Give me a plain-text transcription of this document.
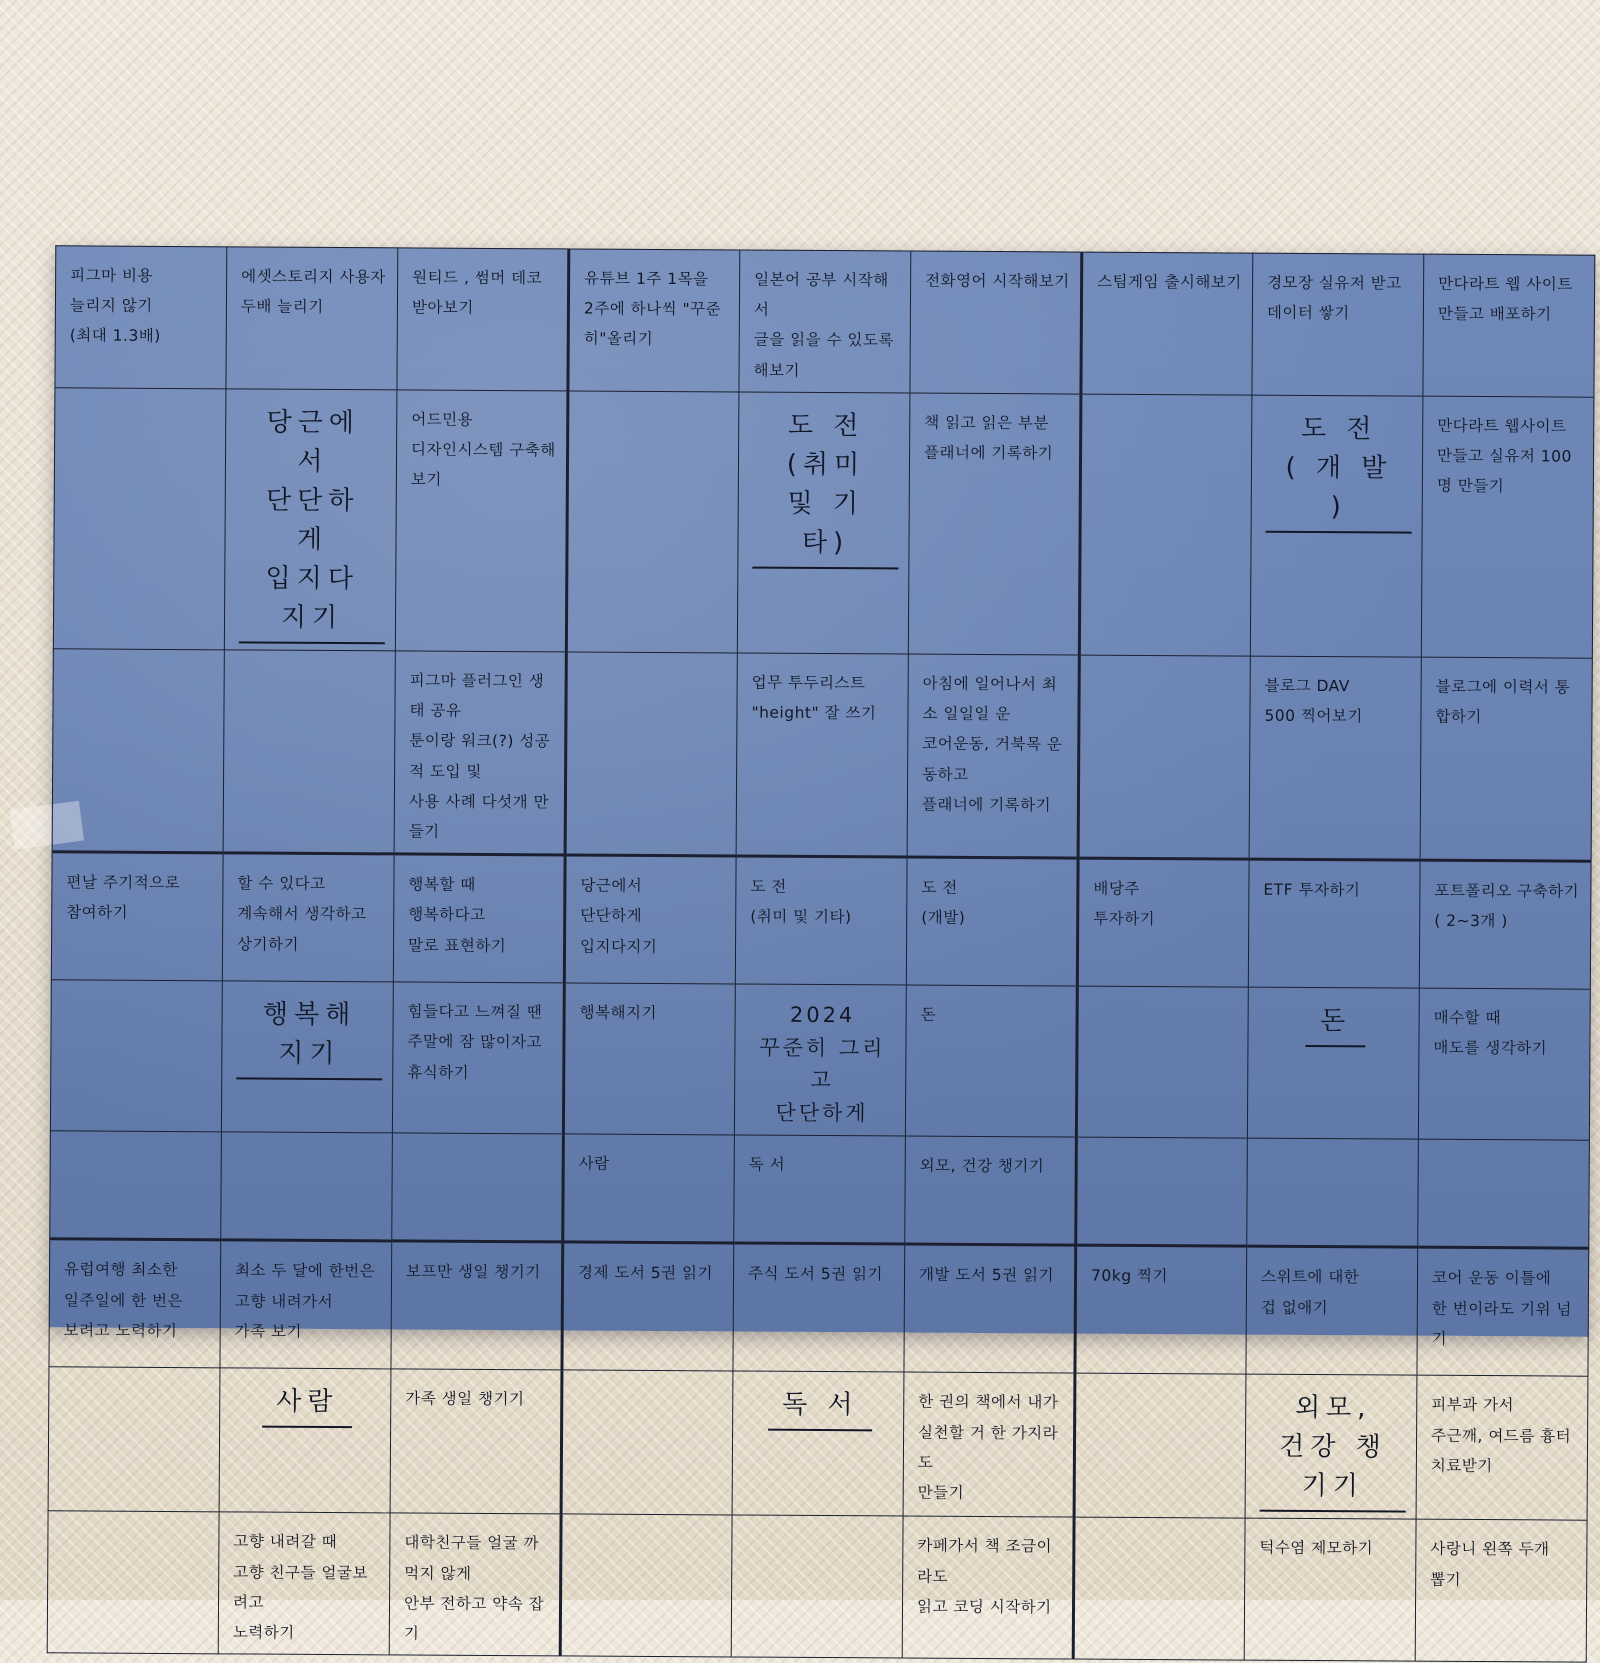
피그마 비용
늘리지 않기
(최대 1.3배)	에셋스토리지 사용자
두배 늘리기	원티드 , 썸머 데코
받아보기	유튜브 1주 1목을
2주에 하나씩 "꾸준히"올리기	일본어 공부 시작해서
글을 읽을 수 있도록 해보기	전화영어 시작해보기	스팀게임 출시해보기	경모장 실유저 받고
데이터 쌓기	만다라트 웹 사이트
만들고 배포하기

	당근에서
단단하게
입지다지기	어드민용
디자인시스템 구축해보기		도 전
(취미 및 기타)	책 읽고 읽은 부분
플래너에 기록하기		도 전
( 개 발 )	만다라트 웹사이트
만들고 실유저 100명 만들기

		피그마 플러그인 생태 공유
툰이랑 워크(?) 성공적 도입 및
사용 사례 다섯개 만들기		업무 투두리스트
"height" 잘 쓰기	아침에 일어나서 최소 일일일 운
코어운동, 거북목 운동하고
플래너에 기록하기		블로그 DAV
500 찍어보기	블로그에 이력서 통합하기

편날 주기적으로
참여하기	할 수 있다고
계속해서 생각하고
상기하기	행복할 때
행복하다고
말로 표현하기	당근에서
단단하게
입지다지기	도 전
(취미 및 기타)	도 전
(개발)	배당주
투자하기	ETF 투자하기	포트폴리오 구축하기
( 2~3개 )

	행복해지기	힘들다고 느껴질 땐
주말에 잠 많이자고
휴식하기	행복해지기	2024
꾸준히 그리고
단단하게	돈		돈	매수할 때
매도를 생각하기

			사람	독 서	외모, 건강 챙기기			

유럽여행 최소한
일주일에 한 번은
보려고 노력하기	최소 두 달에 한번은
고향 내려가서
가족 보기	보프만 생일 챙기기	경제 도서 5권 읽기	주식 도서 5권 읽기	개발 도서 5권 읽기	70kg 찍기	스위트에 대한
겁 없애기	코어 운동 이틀에
한 번이라도 기위 넘기

	사람	가족 생일 챙기기		독 서	한 권의 책에서 내가
실천할 거 한 가지라도
만들기		외모, 건강 챙기기	피부과 가서
주근깨, 여드름 흉터
치료받기

	고향 내려갈 때
고향 친구들 얼굴보려고
노력하기	대학친구들 얼굴 까먹지 않게
안부 전하고 약속 잡기			카페가서 책 조금이라도
읽고 코딩 시작하기		턱수염 제모하기	사랑니 왼쪽 두개
뽑기
